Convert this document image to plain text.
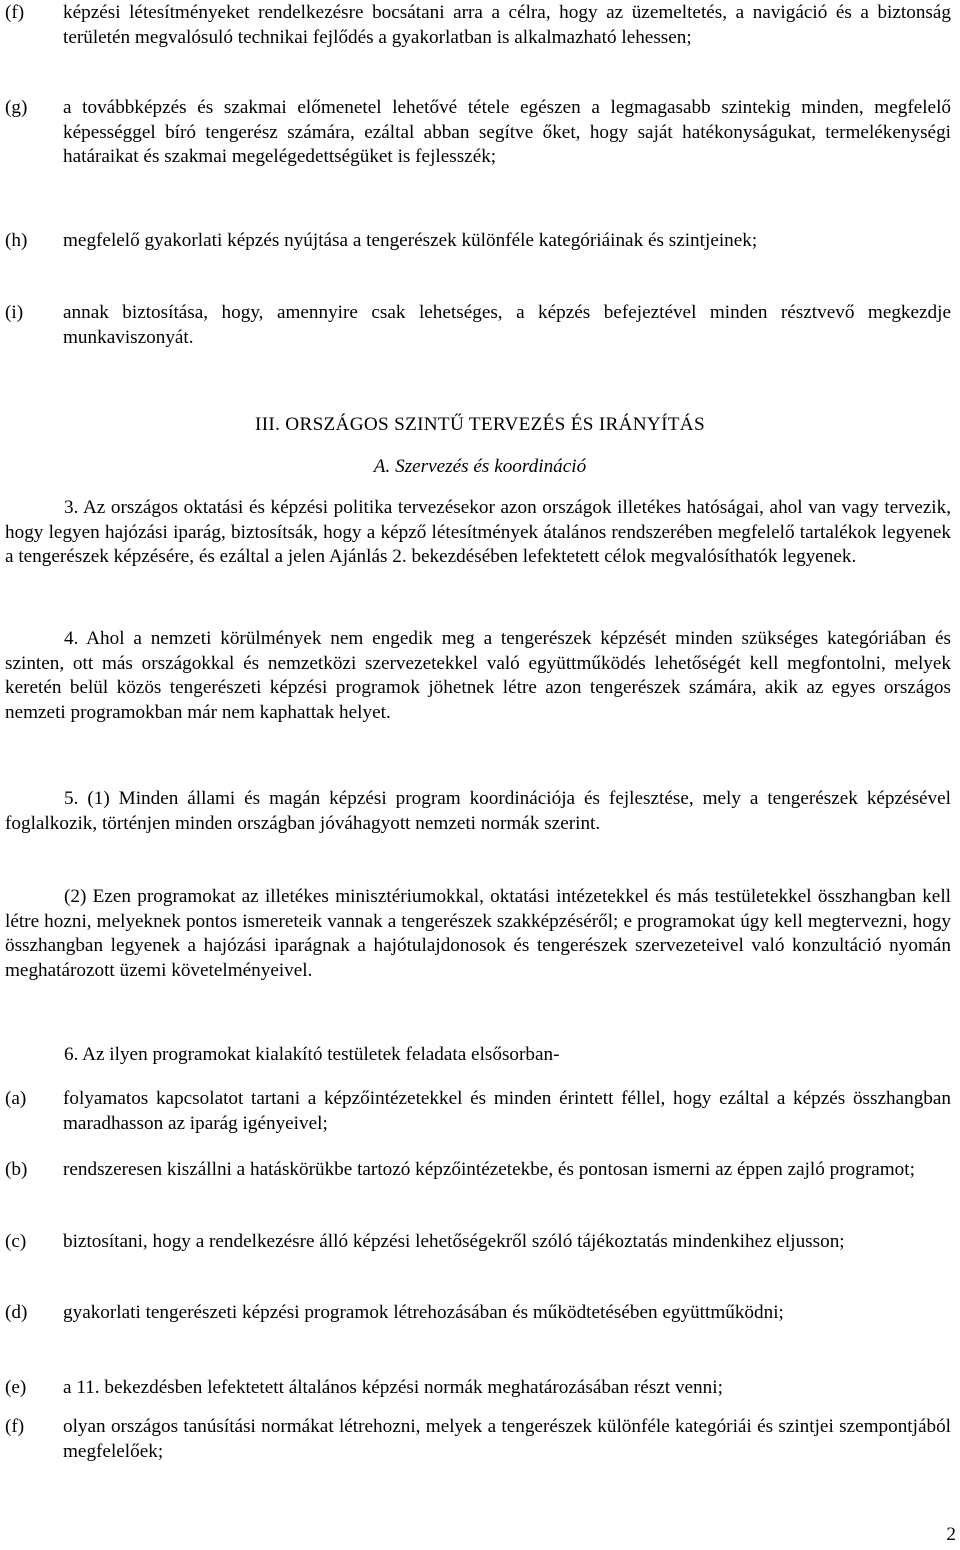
(f) képzési létesítményeket rendelkezésre bocsátani arra a célra, hogy az üzemeltetés, a navigáció és a biztonság területén megvalósuló technikai fejlődés a gyakorlatban is alkalmazható lehessen;
(g) a továbbképzés és szakmai előmenetel lehetővé tétele egészen a legmagasabb szintekig minden, megfelelő képességgel bíró tengerész számára, ezáltal abban segítve őket, hogy saját hatékonyságukat, termelékenységi határaikat és szakmai megelégedettségüket is fejlesszék;
(h) megfelelő gyakorlati képzés nyújtása a tengerészek különféle kategóriáinak és szintjeinek;
(i) annak biztosítása, hogy, amennyire csak lehetséges, a képzés befejeztével minden résztvevő megkezdje munkaviszonyát.
III. ORSZÁGOS SZINTŰ TERVEZÉS ÉS IRÁNYÍTÁS
A. Szervezés és koordináció
3. Az országos oktatási és képzési politika tervezésekor azon országok illetékes hatóságai, ahol van vagy tervezik, hogy legyen hajózási iparág, biztosítsák, hogy a képző létesítmények átalános rendszerében megfelelő tartalékok legyenek a tengerészek képzésére, és ezáltal a jelen Ajánlás 2. bekezdésében lefektetett célok megvalósíthatók legyenek.
4. Ahol a nemzeti körülmények nem engedik meg a tengerészek képzését minden szükséges kategóriában és szinten, ott más országokkal és nemzetközi szervezetekkel való együttműködés lehetőségét kell megfontolni, melyek keretén belül közös tengerészeti képzési programok jöhetnek létre azon tengerészek számára, akik az egyes országos nemzeti programokban már nem kaphattak helyet.
5. (1) Minden állami és magán képzési program koordinációja és fejlesztése, mely a tengerészek képzésével foglalkozik, történjen minden országban jóváhagyott nemzeti normák szerint.
(2) Ezen programokat az illetékes minisztériumokkal, oktatási intézetekkel és más testületekkel összhangban kell létre hozni, melyeknek pontos ismereteik vannak a tengerészek szakképzéséről; e programokat úgy kell megtervezni, hogy összhangban legyenek a hajózási iparágnak a hajótulajdonosok és tengerészek szervezeteivel való konzultáció nyomán meghatározott üzemi követelményeivel.
6. Az ilyen programokat kialakító testületek feladata elsősorban-
(a) folyamatos kapcsolatot tartani a képzőintézetekkel és minden érintett féllel, hogy ezáltal a képzés összhangban maradhasson az iparág igényeivel;
(b) rendszeresen kiszállni a hatáskörükbe tartozó képzőintézetekbe, és pontosan ismerni az éppen zajló programot;
(c) biztosítani, hogy a rendelkezésre álló képzési lehetőségekről szóló tájékoztatás mindenkihez eljusson;
(d) gyakorlati tengerészeti képzési programok létrehozásában és működtetésében együttműködni;
(e) a 11. bekezdésben lefektetett általános képzési normák meghatározásában részt venni;
(f) olyan országos tanúsítási normákat létrehozni, melyek a tengerészek különféle kategóriái és szintjei szempontjából megfelelőek;
2
